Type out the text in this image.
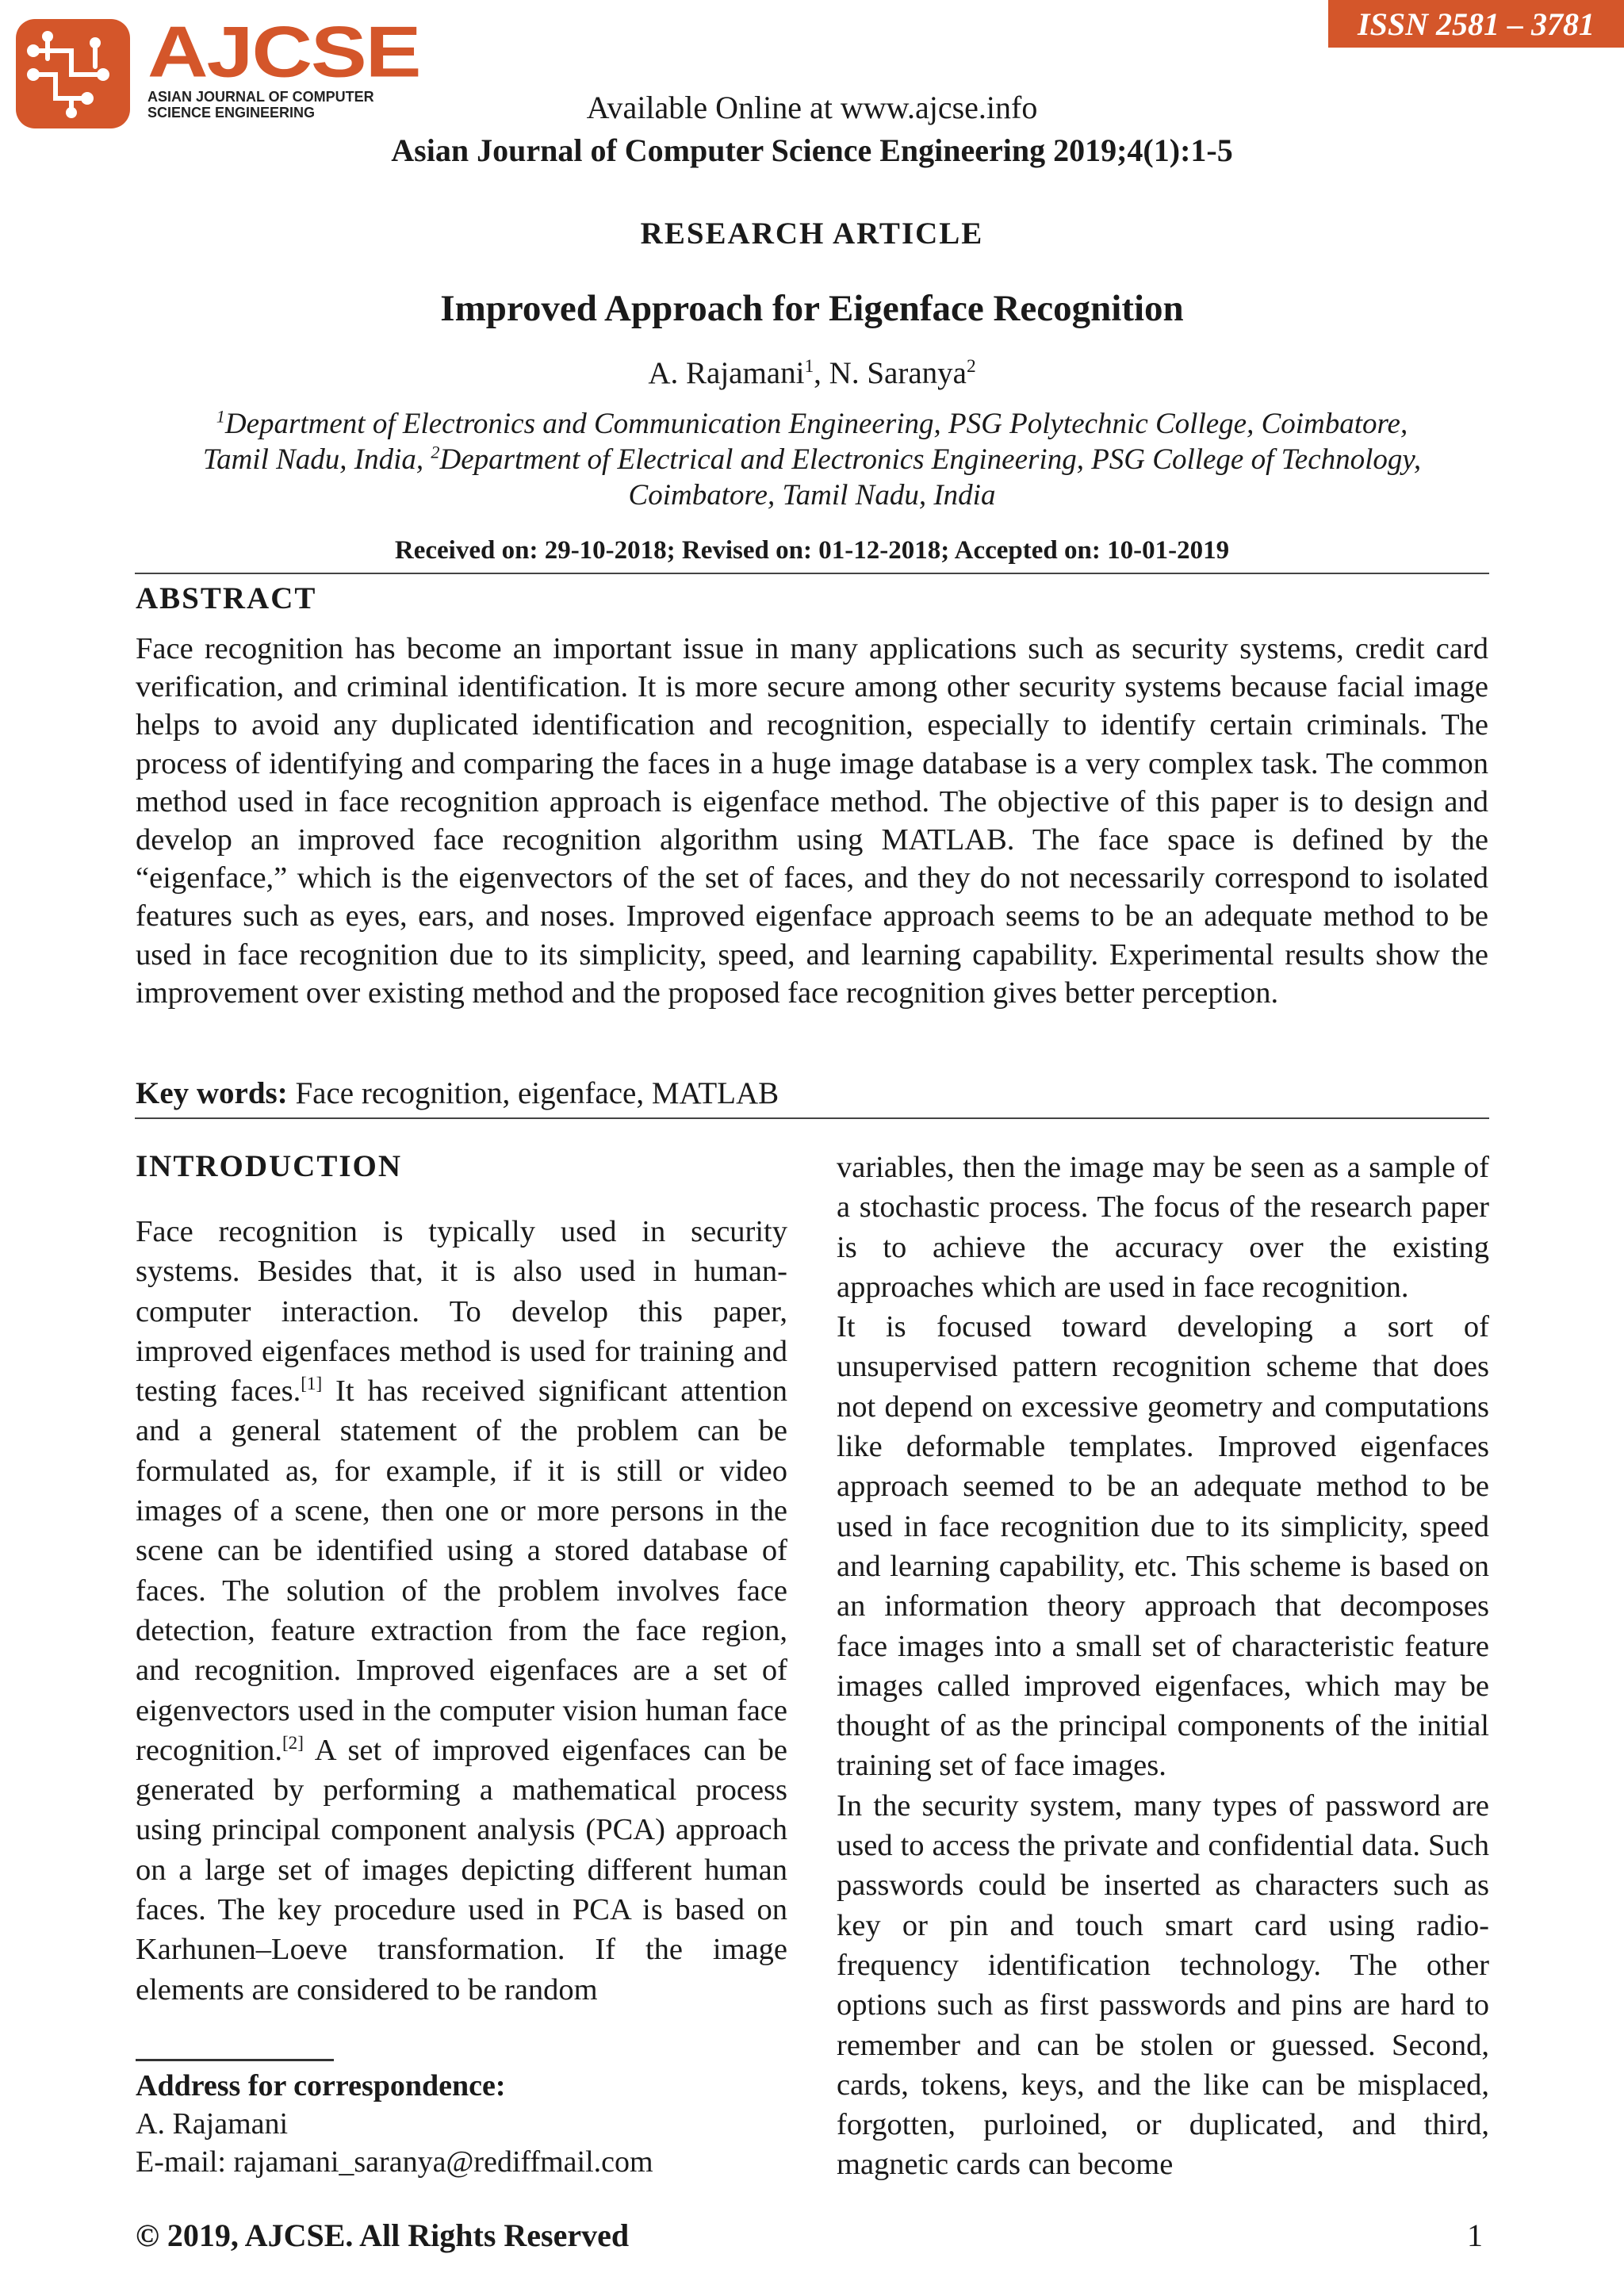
ISSN 2581 – 3781
AJCSE
ASIAN JOURNAL OF COMPUTER
SCIENCE ENGINEERING	Available Online at www.ajcse.info
Asian Journal of Computer Science Engineering 2019;4(1):1-5
RESEARCH ARTICLE
Improved Approach for Eigenface Recognition
A. Rajamani$^1$, N. Saranya$^2$
$^1$Department of Electronics and Communication Engineering, PSG Polytechnic College, Coimbatore,
Tamil Nadu, India, $^2$Department of Electrical and Electronics Engineering, PSG College of Technology,
Coimbatore, Tamil Nadu, India
Received on: 29-10-2018; Revised on: 01-12-2018; Accepted on: 10-01-2019
ABSTRACT
Face recognition has become an important issue in many applications such as security systems, credit card verification, and criminal identification. It is more secure among other security systems because facial image helps to avoid any duplicated identification and recognition, especially to identify certain criminals. The process of identifying and comparing the faces in a huge image database is a very complex task. The common method used in face recognition approach is eigenface method. The objective of this paper is to design and develop an improved face recognition algorithm using MATLAB. The face space is defined by the “eigenface,” which is the eigenvectors of the set of faces, and they do not necessarily correspond to isolated features such as eyes, ears, and noses. Improved eigenface approach seems to be an adequate method to be used in face recognition due to its simplicity, speed, and learning capability. Experimental results show the improvement over existing method and the proposed face recognition gives better perception.
Key words: Face recognition, eigenface, MATLAB
INTRODUCTION
Face recognition is typically used in security systems. Besides that, it is also used in human-computer interaction. To develop this paper, improved eigenfaces method is used for training and testing faces.[1] It has received significant attention and a general statement of the problem can be formulated as, for example, if it is still or video images of a scene, then one or more persons in the scene can be identified using a stored database of faces. The solution of the problem involves face detection, feature extraction from the face region, and recognition. Improved eigenfaces are a set of eigenvectors used in the computer vision human face recognition.[2] A set of improved eigenfaces can be generated by performing a mathematical process using principal component analysis (PCA) approach on a large set of images depicting different human faces. The key procedure used in PCA is based on Karhunen–Loeve transformation. If the image elements are considered to be random
variables, then the image may be seen as a sample of a stochastic process. The focus of the research paper is to achieve the accuracy over the existing approaches which are used in face recognition.
It is focused toward developing a sort of unsupervised pattern recognition scheme that does not depend on excessive geometry and computations like deformable templates. Improved eigenfaces approach seemed to be an adequate method to be used in face recognition due to its simplicity, speed and learning capability, etc. This scheme is based on an information theory approach that decomposes face images into a small set of characteristic feature images called improved eigenfaces, which may be thought of as the principal components of the initial training set of face images.
In the security system, many types of password are used to access the private and confidential data. Such passwords could be inserted as characters such as key or pin and touch smart card using radio-frequency identification technology. The other options such as first passwords and pins are hard to remember and can be stolen or guessed. Second, cards, tokens, keys, and the like can be misplaced, forgotten, purloined, or duplicated, and third, magnetic cards can become
Address for correspondence:
A. Rajamani
E-mail: rajamani_saranya@rediffmail.com
© 2019, AJCSE. All Rights Reserved	1
